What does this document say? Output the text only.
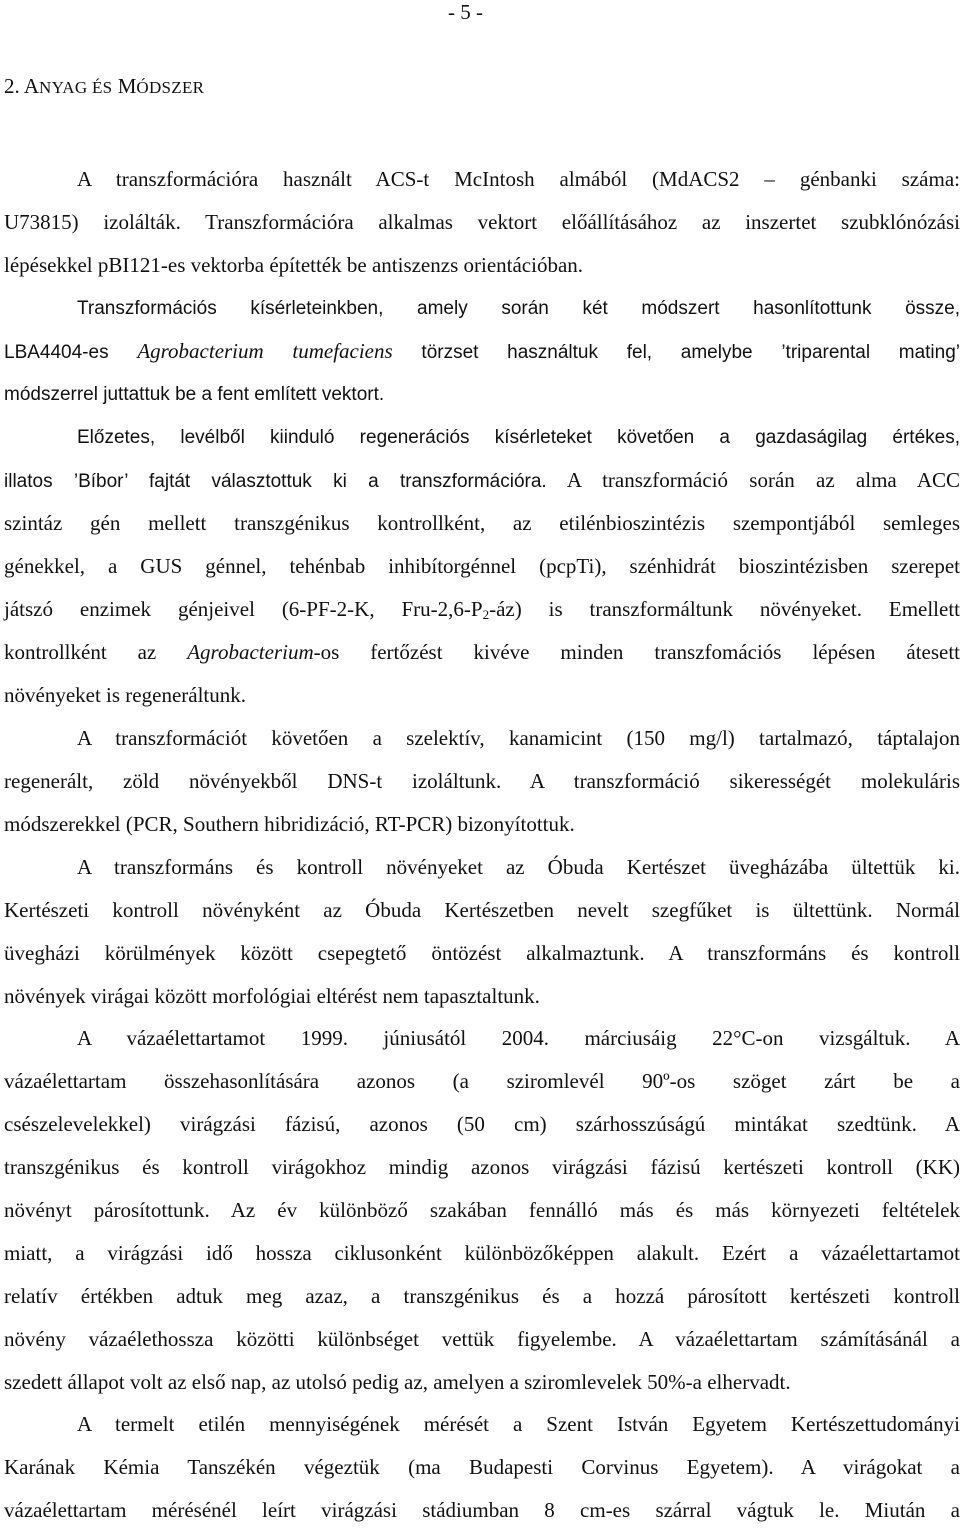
- 5 -
2. ANYAG ÉS MÓDSZER
A transzformációra használt ACS-t McIntosh almából (MdACS2 – génbanki száma:
U73815) izolálták. Transzformációra alkalmas vektort előállításához az inszertet szubklónózási
lépésekkel pBI121-es vektorba építették be antiszenzs orientációban.
Transzformációs kísérleteinkben, amely során két módszert hasonlítottunk össze,
LBA4404-es Agrobacterium tumefaciens törzset használtuk fel, amelybe ’triparental mating’
módszerrel juttattuk be a fent említett vektort.
Előzetes, levélből kiinduló regenerációs kísérleteket követően a gazdaságilag értékes,
illatos ’Bíbor’ fajtát választottuk ki a transzformációra. A transzformáció során az alma ACC
szintáz gén mellett transzgénikus kontrollként, az etilénbioszintézis szempontjából semleges
génekkel, a GUS génnel, tehénbab inhibítorgénnel (pcpTi), szénhidrát bioszintézisben szerepet
játszó enzimek génjeivel (6-PF-2-K, Fru-$2,6-P_2-áz$) is transzformáltunk növényeket. Emellett
kontrollként az Agrobacterium-os fertőzést kivéve minden transzfomációs lépésen átesett
növényeket is regeneráltunk.
A transzformációt követően a szelektív, kanamicint (150 mg/l) tartalmazó, táptalajon
regenerált, zöld növényekből DNS-t izoláltunk. A transzformáció sikerességét molekuláris
módszerekkel (PCR, Southern hibridizáció, RT-PCR) bizonyítottuk.
A transzformáns és kontroll növényeket az Óbuda Kertészet üvegházába ültettük ki.
Kertészeti kontroll növényként az Óbuda Kertészetben nevelt szegfűket is ültettünk. Normál
üvegházi körülmények között csepegtető öntözést alkalmaztunk. A transzformáns és kontroll
növények virágai között morfológiai eltérést nem tapasztaltunk.
A vázaélettartamot 1999. júniusától 2004. márciusáig 22°C-on vizsgáltuk. A
vázaélettartam összehasonlítására azonos (a sziromlevél 90º-os szöget zárt be a
csészelevelekkel) virágzási fázisú, azonos (50 cm) szárhosszúságú mintákat szedtünk. A
transzgénikus és kontroll virágokhoz mindig azonos virágzási fázisú kertészeti kontroll (KK)
növényt párosítottunk. Az év különböző szakában fennálló más és más környezeti feltételek
miatt, a virágzási idő hossza ciklusonként különbözőképpen alakult. Ezért a vázaélettartamot
relatív értékben adtuk meg azaz, a transzgénikus és a hozzá párosított kertészeti kontroll
növény vázaélethossza közötti különbséget vettük figyelembe. A vázaélettartam számításánál a
szedett állapot volt az első nap, az utolsó pedig az, amelyen a sziromlevelek 50%-a elhervadt.
A termelt etilén mennyiségének mérését a Szent István Egyetem Kertészettudományi
Karának Kémia Tanszékén végeztük (ma Budapesti Corvinus Egyetem). A virágokat a
vázaélettartam mérésénél leírt virágzási stádiumban 8 cm-es szárral vágtuk le. Miután a
